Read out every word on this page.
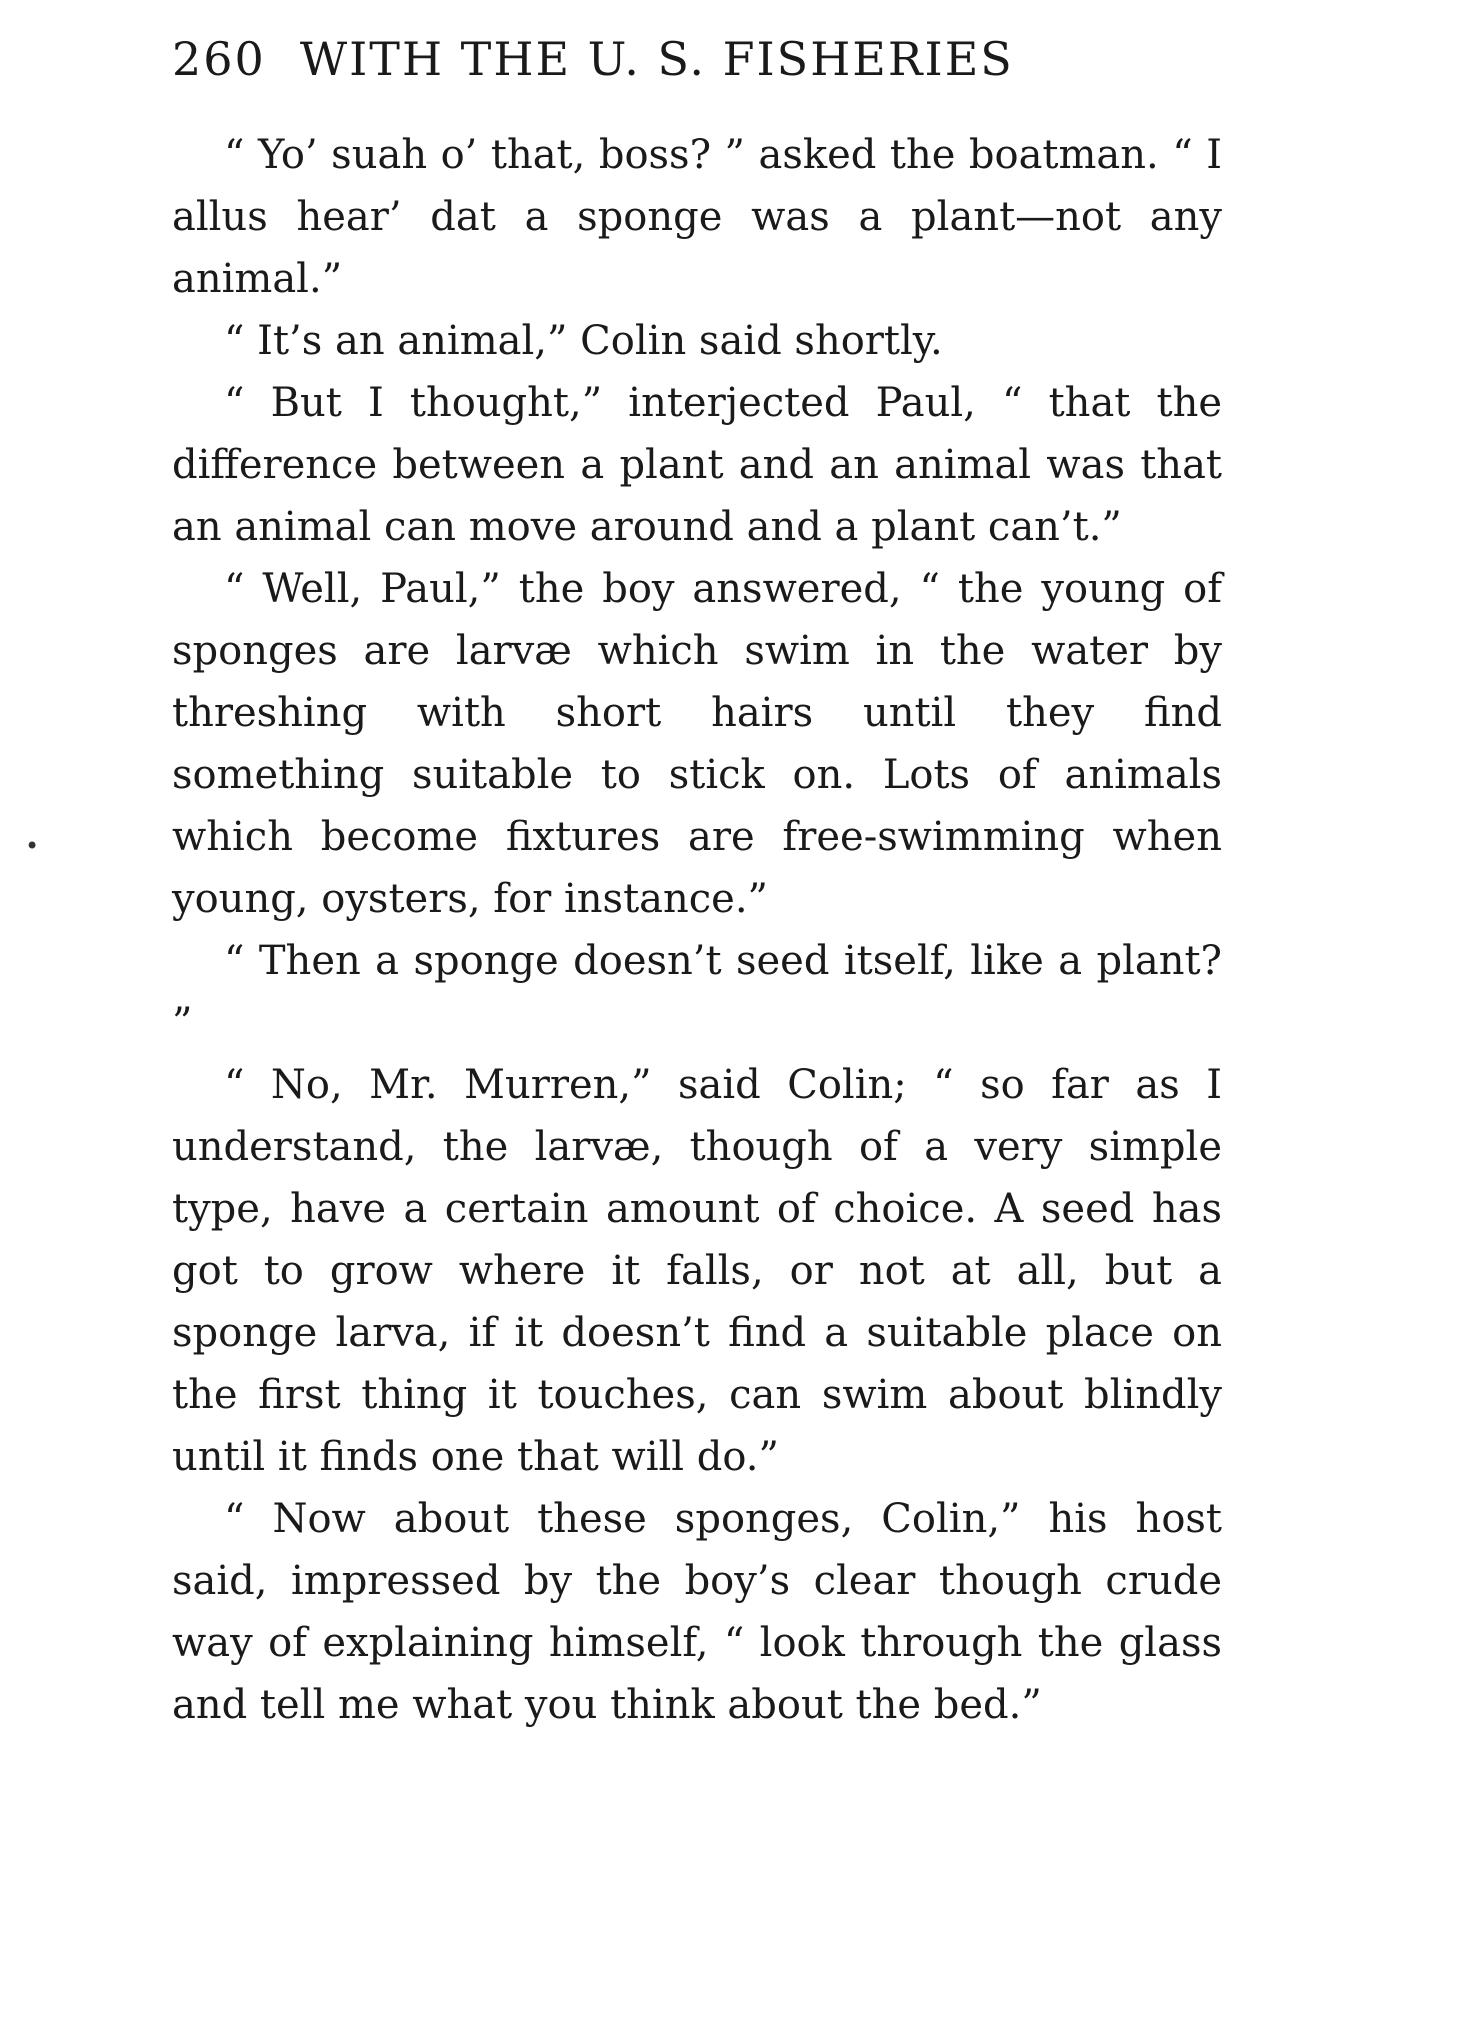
260 WITH THE U. S. FISHERIES
•

“ Yo’ suah o’ that, boss? ” asked the boatman. “ I allus hear’ dat a sponge was a plant—not any animal.”

“ It’s an animal,” Colin said shortly.

“ But I thought,” interjected Paul, “ that the difference between a plant and an animal was that an animal can move around and a plant can’t.”

“ Well, Paul,” the boy answered, “ the young of sponges are larvæ which swim in the water by threshing with short hairs until they find something suitable to stick on. Lots of animals which become fixtures are free-swimming when young, oysters, for instance.”

“ Then a sponge doesn’t seed itself, like a plant? ”

“ No, Mr. Murren,” said Colin; “ so far as I understand, the larvæ, though of a very simple type, have a certain amount of choice. A seed has got to grow where it falls, or not at all, but a sponge larva, if it doesn’t find a suitable place on the first thing it touches, can swim about blindly until it finds one that will do.”

“ Now about these sponges, Colin,” his host said, impressed by the boy’s clear though crude way of explaining himself, “ look through the glass and tell me what you think about the bed.”
